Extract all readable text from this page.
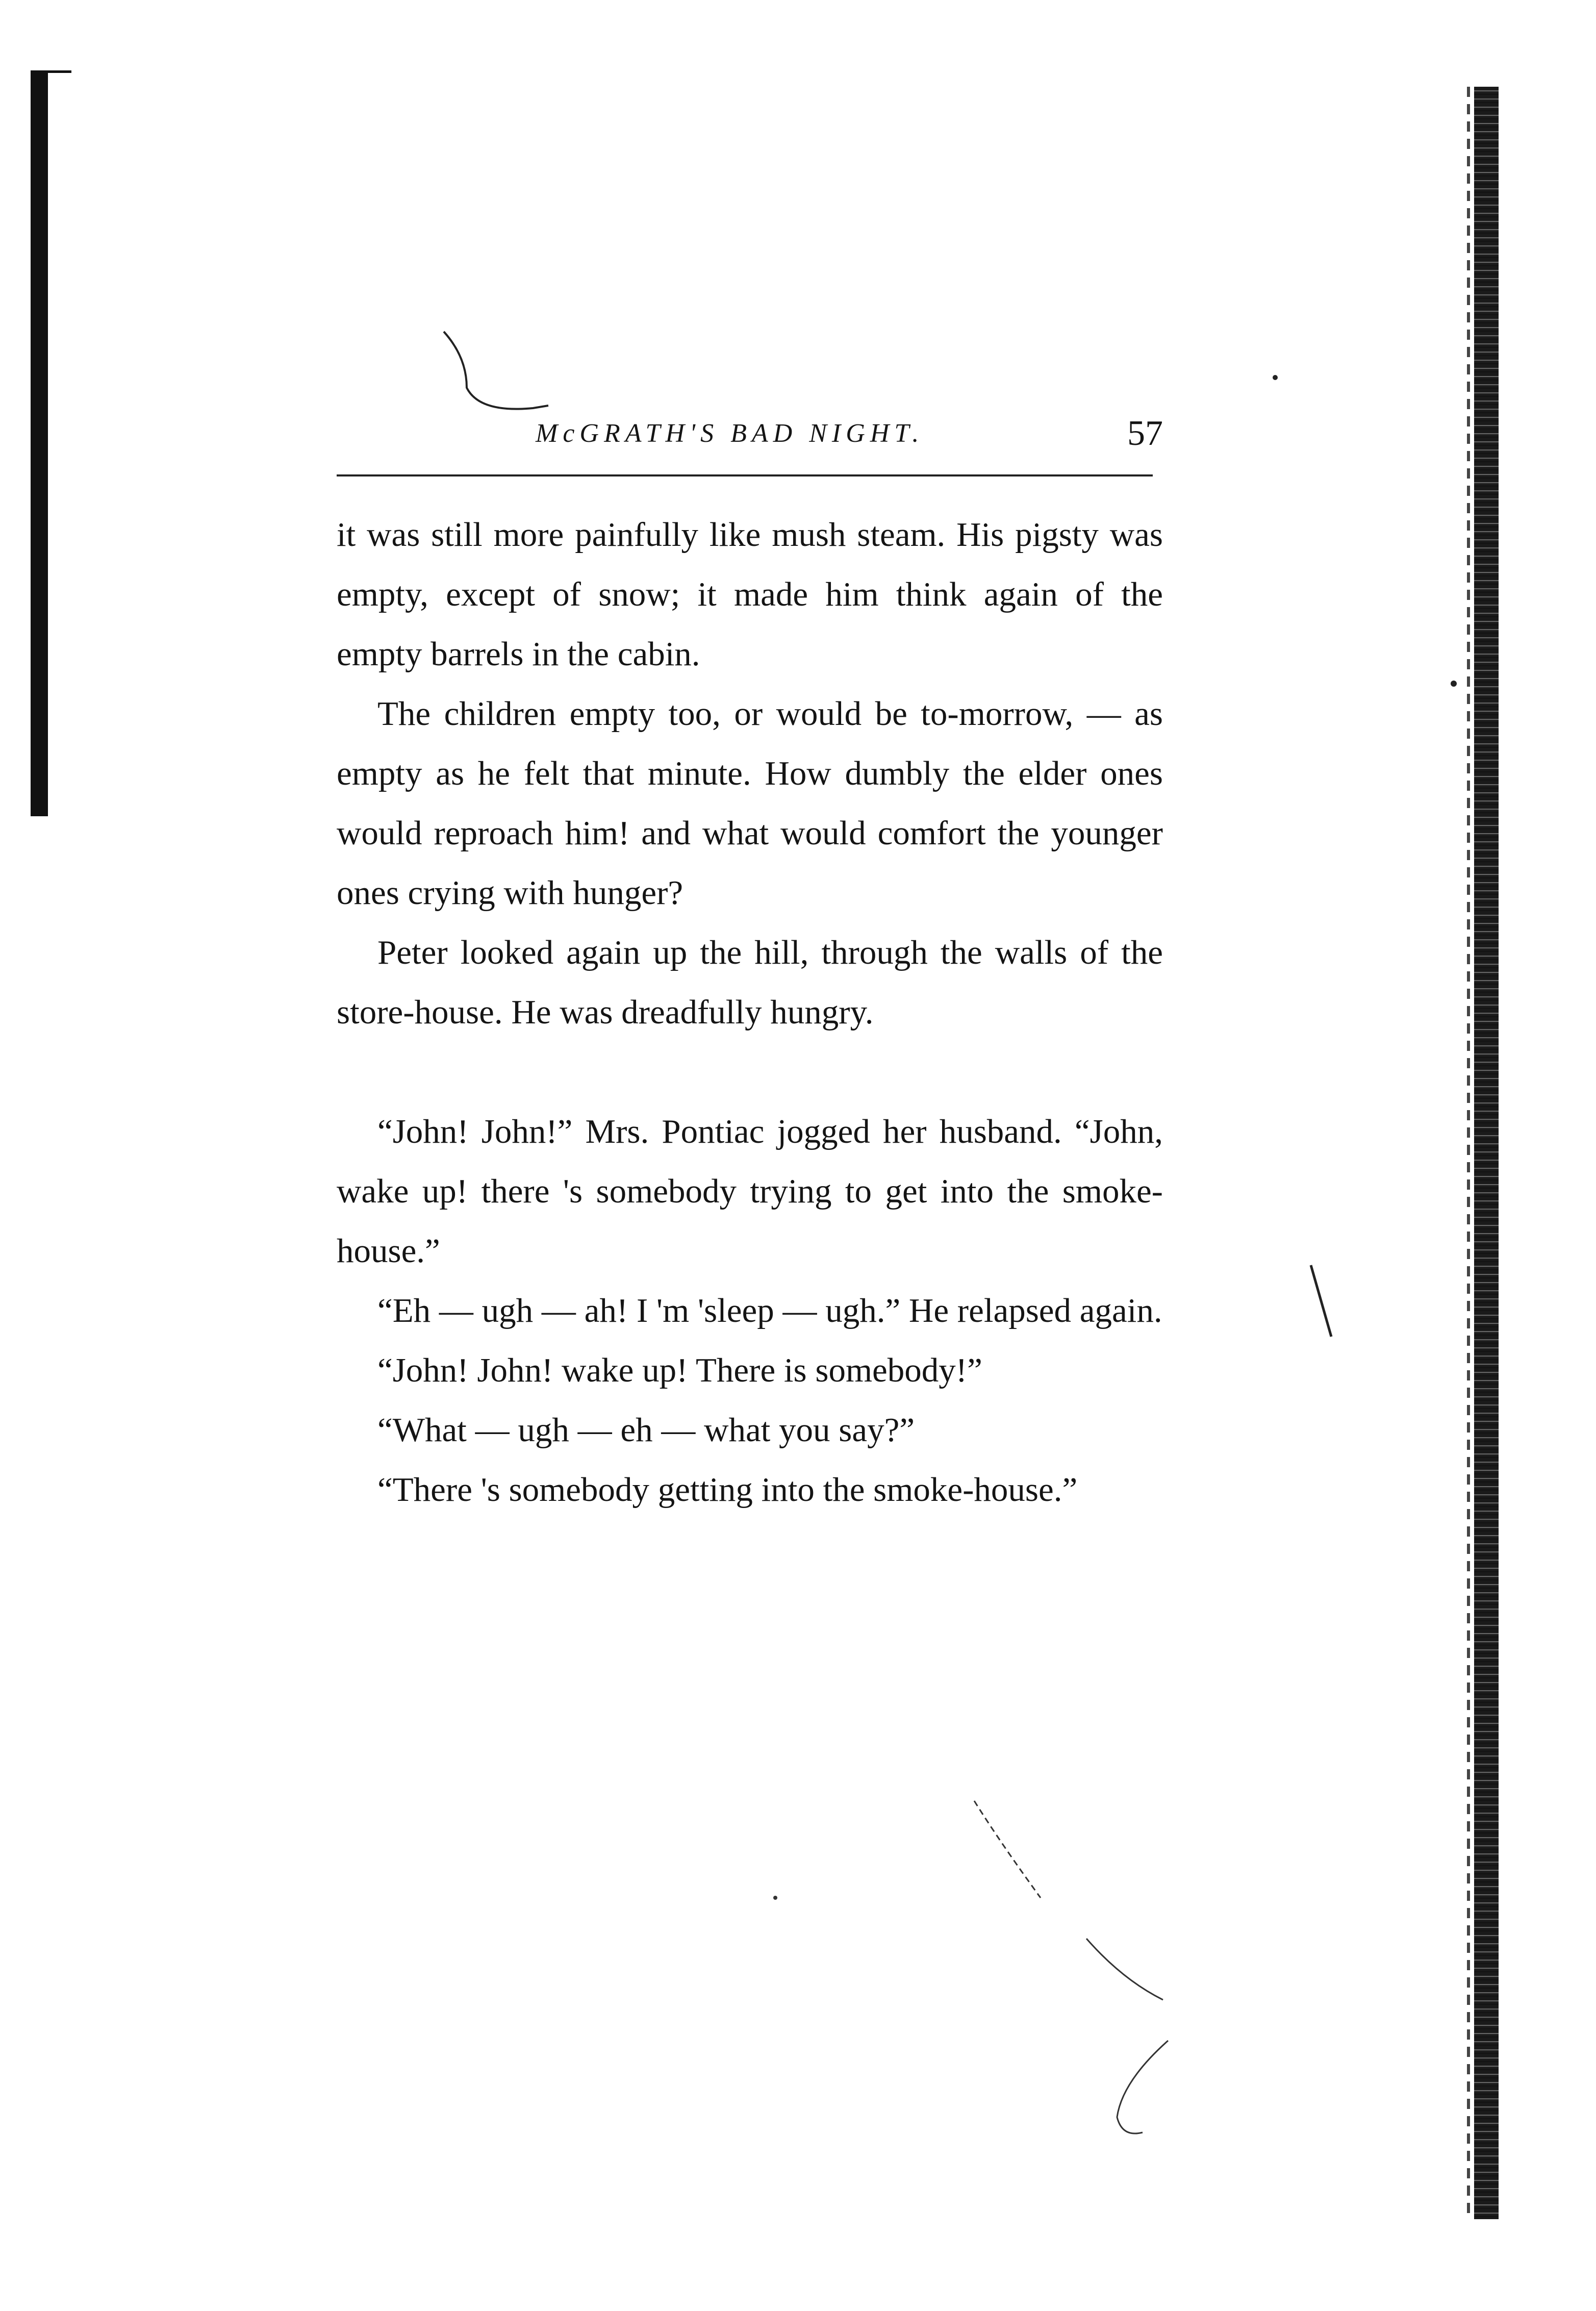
McGRATH'S BAD NIGHT.	57

it was still more painfully like mush steam. His pigsty was empty, except of snow; it made him think again of the empty barrels in the cabin.

The children empty too, or would be to-morrow, — as empty as he felt that minute. How dumbly the elder ones would reproach him! and what would comfort the younger ones crying with hunger?

Peter looked again up the hill, through the walls of the store-house. He was dreadfully hungry.

“John! John!” Mrs. Pontiac jogged her husband. “John, wake up! there 's somebody trying to get into the smoke-house.”

“Eh — ugh — ah! I 'm 'sleep — ugh.” He relapsed again.

“John! John! wake up! There is somebody!”

“What — ugh — eh — what you say?”

“There 's somebody getting into the smoke-house.”
